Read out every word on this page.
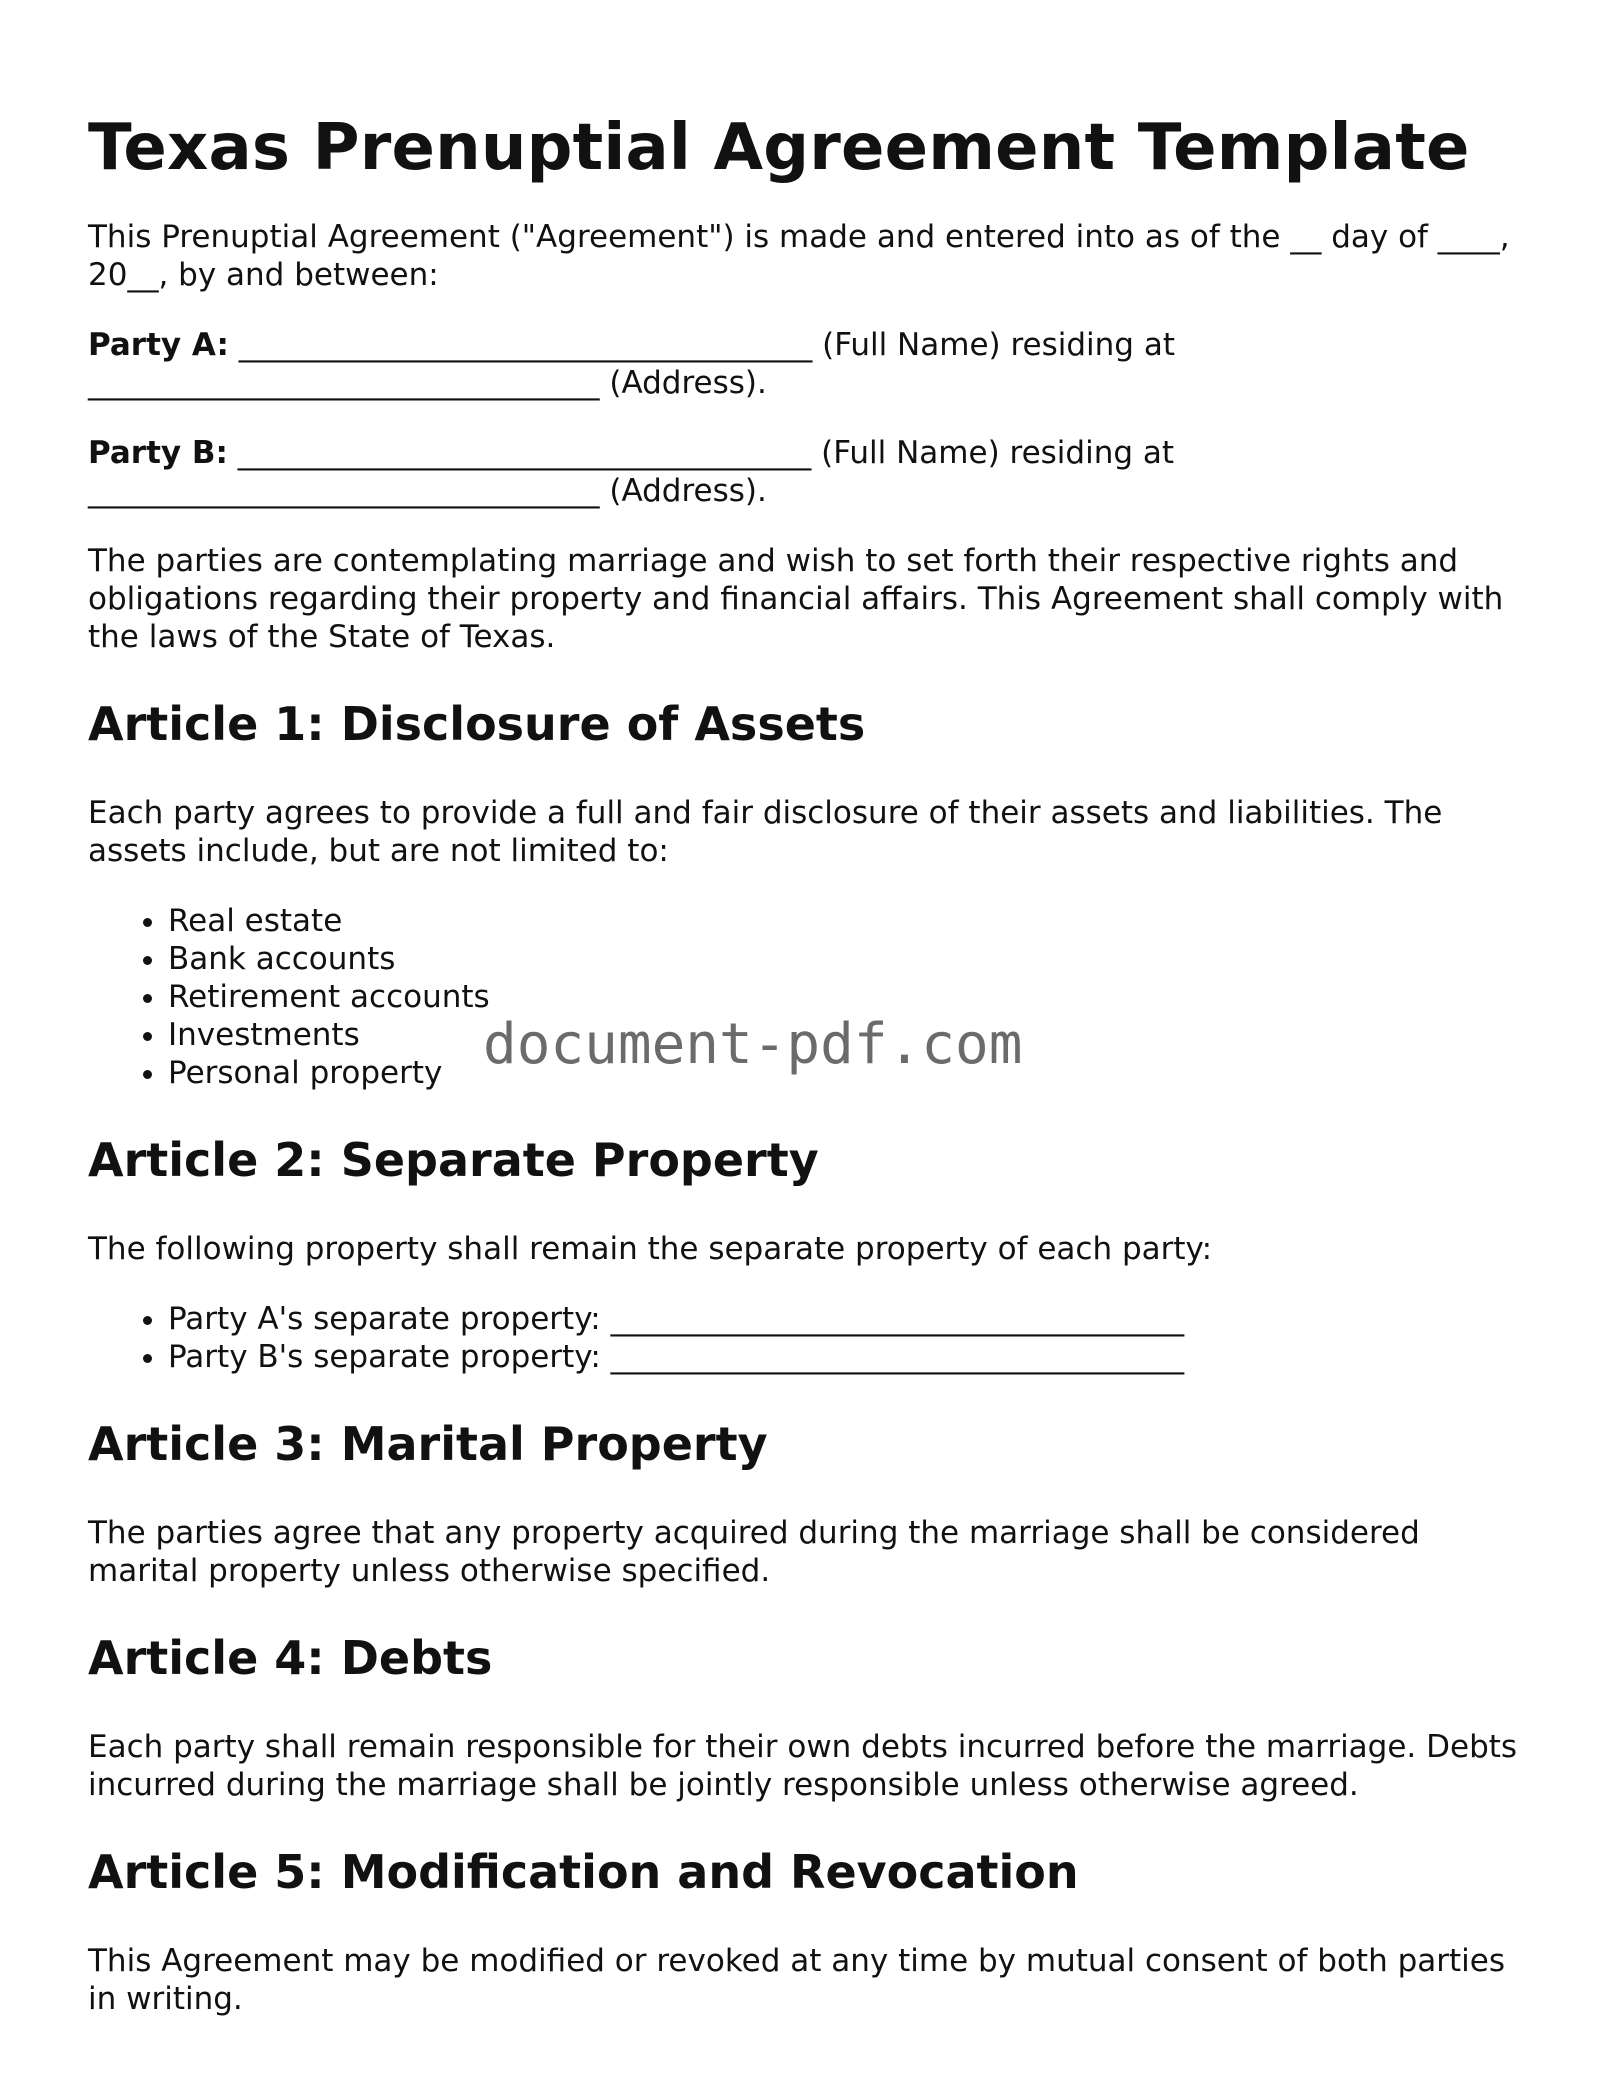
Texas Prenuptial Agreement Template

This Prenuptial Agreement ("Agreement") is made and entered into as of the __ day of ____, 20__, by and between:

Party A: _____________________________________ (Full Name) residing at _________________________________ (Address).

Party B: _____________________________________ (Full Name) residing at _________________________________ (Address).

The parties are contemplating marriage and wish to set forth their respective rights and obligations regarding their property and financial affairs. This Agreement shall comply with the laws of the State of Texas.

Article 1: Disclosure of Assets

Each party agrees to provide a full and fair disclosure of their assets and liabilities. The assets include, but are not limited to:

• Real estate
• Bank accounts
• Retirement accounts
• Investments
• Personal property
Article 2: Separate Property

The following property shall remain the separate property of each party:

• Party A's separate property: _____________________________________
• Party B's separate property: _____________________________________
Article 3: Marital Property

The parties agree that any property acquired during the marriage shall be considered marital property unless otherwise specified.

Article 4: Debts

Each party shall remain responsible for their own debts incurred before the marriage. Debts incurred during the marriage shall be jointly responsible unless otherwise agreed.

Article 5: Modification and Revocation

This Agreement may be modified or revoked at any time by mutual consent of both parties in writing.

document-pdf.com
